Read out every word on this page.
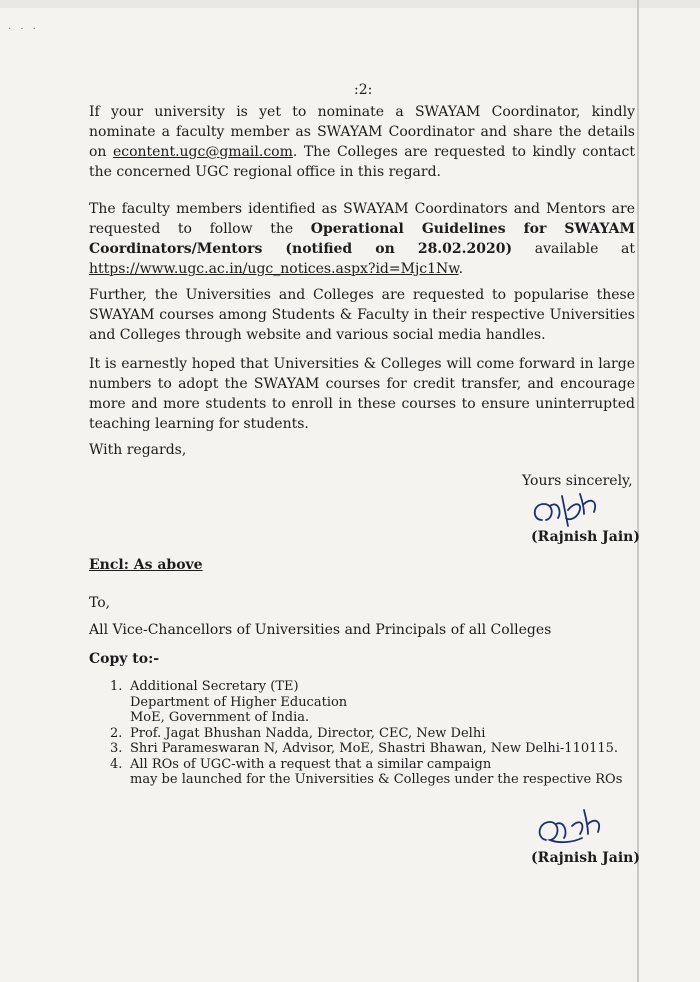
· · ·
:2:

If your university is yet to nominate a SWAYAM Coordinator, kindly nominate a faculty member as SWAYAM Coordinator and share the details on econtent.ugc@gmail.com. The Colleges are requested to kindly contact the concerned UGC regional office in this regard.

The faculty members identified as SWAYAM Coordinators and Mentors are requested to follow the Operational Guidelines for SWAYAM Coordinators/Mentors (notified on 28.02.2020) available at https://www.ugc.ac.in/ugc_notices.aspx?id=Mjc1Nw.

Further, the Universities and Colleges are requested to popularise these SWAYAM courses among Students & Faculty in their respective Universities and Colleges through website and various social media handles.

It is earnestly hoped that Universities & Colleges will come forward in large numbers to adopt the SWAYAM courses for credit transfer, and encourage more and more students to enroll in these courses to ensure uninterrupted teaching learning for students.

With regards,
Yours sincerely,
(Rajnish Jain)
Encl: As above
To,
All Vice-Chancellors of Universities and Principals of all Colleges
Copy to:-
1. Additional Secretary (TE)
Department of Higher Education
MoE, Government of India.
2. Prof. Jagat Bhushan Nadda, Director, CEC, New Delhi
3. Shri Parameswaran N, Advisor, MoE, Shastri Bhawan, New Delhi-110115.
4. All ROs of UGC-with a request that a similar campaign
may be launched for the Universities & Colleges under the respective ROs
(Rajnish Jain)
